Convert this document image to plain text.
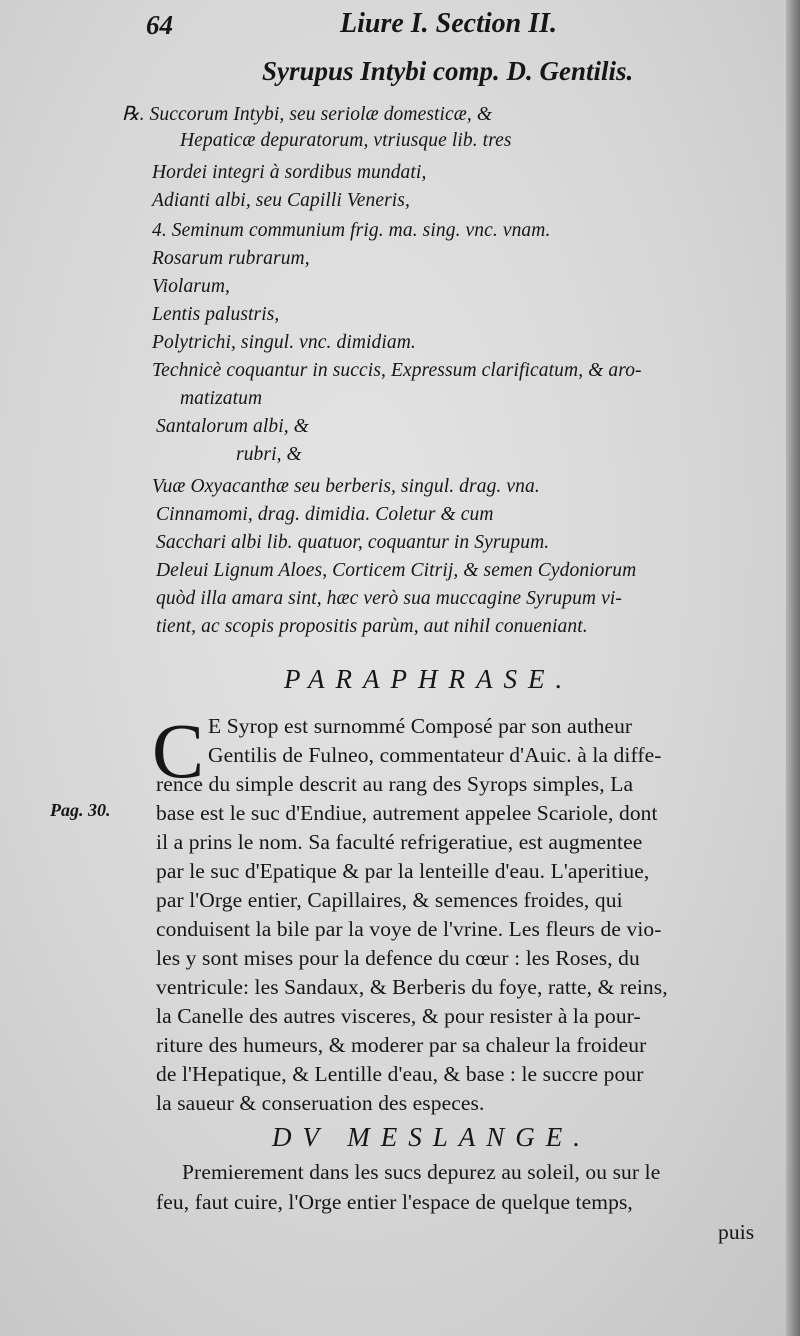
64	Liure I. Section II.
Syrupus Intybi comp. D. Gentilis.
℞. Succorum Intybi, seu seriolæ domesticæ, &
Hepaticæ depuratorum, vtriusque lib. tres
Hordei integri à sordibus mundati,
Adianti albi, seu Capilli Veneris,
4. Seminum communium frig. ma. sing. vnc. vnam.
Rosarum rubrarum,
Violarum,
Lentis palustris,
Polytrichi, singul. vnc. dimidiam.
Technicè coquantur in succis, Expressum clarificatum, & aro-
matizatum
Santalorum albi, &
rubri, &
Vuæ Oxyacanthæ seu berberis, singul. drag. vna.
Cinnamomi, drag. dimidia. Coletur & cum
Sacchari albi lib. quatuor, coquantur in Syrupum.
Deleui Lignum Aloes, Corticem Citrij, & semen Cydoniorum
quòd illa amara sint, hæc verò sua muccagine Syrupum vi-
tient, ac scopis propositis parùm, aut nihil conueniant.
PARAPHRASE.
C
Pag. 30.
E Syrop est surnommé Composé par son autheur
Gentilis de Fulneo, commentateur d'Auic. à la diffe-
rence du simple descrit au rang des Syrops simples, La
base est le suc d'Endiue, autrement appelee Scariole, dont
il a prins le nom. Sa faculté refrigeratiue, est augmentee
par le suc d'Epatique & par la lenteille d'eau. L'aperitiue,
par l'Orge entier, Capillaires, & semences froides, qui
conduisent la bile par la voye de l'vrine. Les fleurs de vio-
les y sont mises pour la defence du cœur : les Roses, du
ventricule: les Sandaux, & Berberis du foye, ratte, & reins,
la Canelle des autres visceres, & pour resister à la pour-
riture des humeurs, & moderer par sa chaleur la froideur
de l'Hepatique, & Lentille d'eau, & base : le succre pour
la saueur & conseruation des especes.
DV MESLANGE.
Premierement dans les sucs depurez au soleil, ou sur le
feu, faut cuire, l'Orge entier l'espace de quelque temps,
puis
